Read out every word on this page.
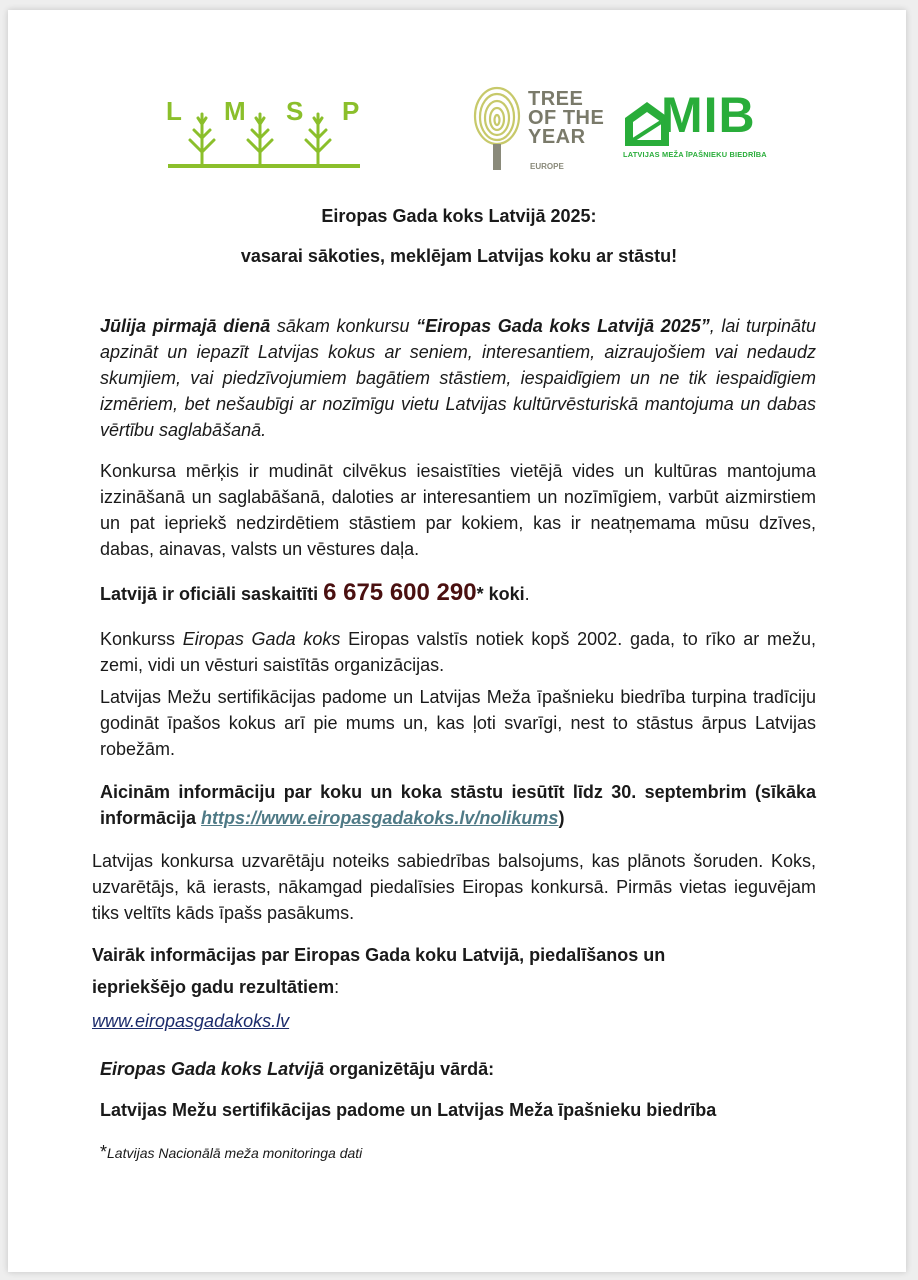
L M S P	TREE
OF THE
YEAR
EUROPE
MIB
LATVIJAS MEŽA ĪPAŠNIEKU BIEDRĪBA
Eiropas Gada koks Latvijā 2025:
vasarai sākoties, meklējam Latvijas koku ar stāstu!
Jūlija pirmajā dienā sākam konkursu “Eiropas Gada koks Latvijā 2025”, lai turpinātu apzināt un iepazīt Latvijas kokus ar seniem, interesantiem, aizraujošiem vai nedaudz skumjiem, vai piedzīvojumiem bagātiem stāstiem, iespaidīgiem un ne tik iespaidīgiem izmēriem, bet nešaubīgi ar nozīmīgu vietu Latvijas kultūrvēsturiskā mantojuma un dabas vērtību saglabāšanā.
Konkursa mērķis ir mudināt cilvēkus iesaistīties vietējā vides un kultūras mantojuma izzināšanā un saglabāšanā, daloties ar interesantiem un nozīmīgiem, varbūt aizmirstiem un pat iepriekš nedzirdētiem stāstiem par kokiem, kas ir neatņemama mūsu dzīves, dabas, ainavas, valsts un vēstures daļa.
Latvijā ir oficiāli saskaitīti 6 675 600 290* koki.
Konkurss Eiropas Gada koks Eiropas valstīs notiek kopš 2002. gada, to rīko ar mežu, zemi, vidi un vēsturi saistītās organizācijas.
Latvijas Mežu sertifikācijas padome un Latvijas Meža īpašnieku biedrība turpina tradīciju godināt īpašos kokus arī pie mums un, kas ļoti svarīgi, nest to stāstus ārpus Latvijas robežām.
Aicinām informāciju par koku un koka stāstu iesūtīt līdz 30. septembrim (sīkāka informācija https://www.eiropasgadakoks.lv/nolikums)
Latvijas konkursa uzvarētāju noteiks sabiedrības balsojums, kas plānots šoruden. Koks, uzvarētājs, kā ierasts, nākamgad piedalīsies Eiropas konkursā. Pirmās vietas ieguvējam tiks veltīts kāds īpašs pasākums.
Vairāk informācijas par Eiropas Gada koku Latvijā, piedalīšanos un
iepriekšējo gadu rezultātiem:
www.eiropasgadakoks.lv
Eiropas Gada koks Latvijā organizētāju vārdā:
Latvijas Mežu sertifikācijas padome un Latvijas Meža īpašnieku biedrība
*Latvijas Nacionālā meža monitoringa dati
